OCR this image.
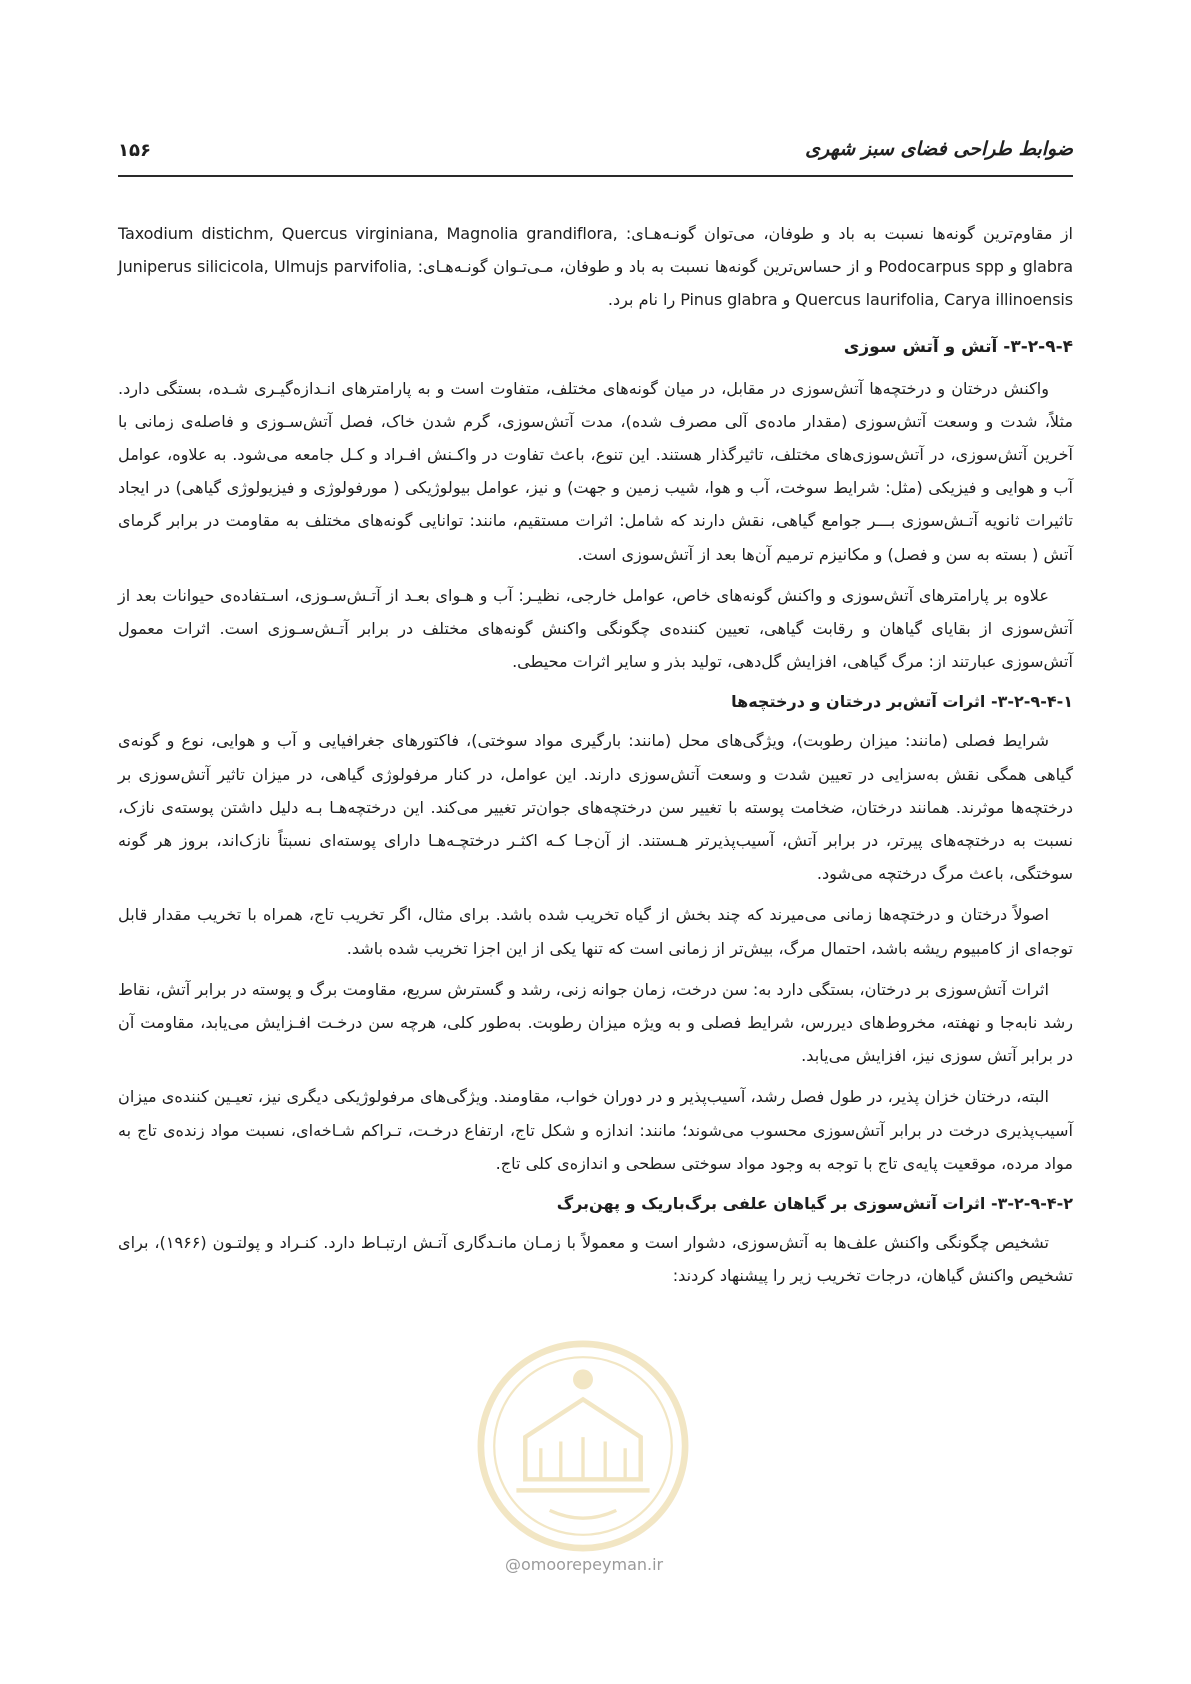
ضوابط طراحی فضای سبز شهری
۱۵۶

از مقاوم‌ترین گونه‌ها نسبت به باد و طوفان، می‌توان گونـه‌هـای: Taxodium distichm, Quercus virginiana, Magnolia grandiflora, glabra و Podocarpus spp و از حساس‌ترین گونه‌ها نسبت به باد و طوفان، مـی‌تـوان گونـه‌هـای: Juniperus silicicola, Ulmujs parvifolia, Quercus laurifolia, Carya illinoensis و Pinus glabra را نام برد.

۳-۲-۹-۴- آتش و آتش سوزی

واکنش درختان و درختچه‌ها آتش‌سوزی در مقابل، در میان گونه‌های مختلف، متفاوت است و به پارامترهای انـدازه‌گیـری شـده، بستگی دارد. مثلاً، شدت و وسعت آتش‌سوزی (مقدار ماده‌ی آلی مصرف شده)، مدت آتش‌سوزی، گرم شدن خاک، فصل آتش‌سـوزی و فاصله‌ی زمانی با آخرین آتش‌سوزی، در آتش‌سوزی‌های مختلف، تاثیرگذار هستند. این تنوع، باعث تفاوت در واکـنش افـراد و کـل جامعه می‌شود. به علاوه، عوامل آب و هوایی و فیزیکی (مثل: شرایط سوخت، آب و هوا، شیب زمین و جهت) و نیز، عوامل بیولوژیکی ( مورفولوژی و فیزیولوژی گیاهی) در ایجاد تاثیرات ثانویه آتـش‌سوزی بـــر جوامع گیاهی، نقش دارند که شامل: اثرات مستقیم، مانند: توانایی گونه‌های مختلف به مقاومت در برابر گرمای آتش ( بسته به سن و فصل) و مکانیزم ترمیم آن‌ها بعد از آتش‌سوزی است.

علاوه بر پارامترهای آتش‌سوزی و واکنش گونه‌های خاص، عوامل خارجی، نظیـر: آب و هـوای بعـد از آتـش‌سـوزی، اسـتفاده‌ی حیوانات بعد از آتش‌سوزی از بقایای گیاهان و رقابت گیاهی، تعیین کننده‌ی چگونگی واکنش گونه‌های مختلف در برابر آتـش‌سـوزی است. اثرات معمول آتش‌سوزی عبارتند از: مرگ گیاهی، افزایش گل‌دهی، تولید بذر و سایر اثرات محیطی.

۳-۲-۹-۴-۱- اثرات آتش‌بر درختان و درختچه‌ها

شرایط فصلی (مانند: میزان رطوبت)، ویژگی‌های محل (مانند: بارگیری مواد سوختی)، فاکتورهای جغرافیایی و آب و هوایی، نوع و گونه‌ی گیاهی همگی نقش به‌سزایی در تعیین شدت و وسعت آتش‌سوزی دارند. این عوامل، در کنار مرفولوژی گیاهی، در میزان تاثیر آتش‌سوزی بر درختچه‌ها موثرند. همانند درختان، ضخامت پوسته با تغییر سن درختچه‌های جوان‌تر تغییر می‌کند. این درختچه‌هـا بـه دلیل داشتن پوسته‌ی نازک، نسبت به درختچه‌های پیرتر، در برابر آتش، آسیب‌پذیرتر هـستند. از آن‌جـا کـه اکثـر درختچـه‌هـا دارای پوسته‌ای نسبتاً نازک‌اند، بروز هر گونه سوختگی، باعث مرگ درختچه می‌شود.

اصولاً درختان و درختچه‌ها زمانی می‌میرند که چند بخش از گیاه تخریب شده باشد. برای مثال، اگر تخریب تاج، همراه با تخریب مقدار قابل توجه‌ای از کامبیوم ریشه باشد، احتمال مرگ، بیش‌تر از زمانی است که تنها یکی از این اجزا تخریب شده باشد.

اثرات آتش‌سوزی بر درختان، بستگی دارد به: سن درخت، زمان جوانه زنی، رشد و گسترش سریع، مقاومت برگ و پوسته در برابر آتش، نقاط رشد نابه‌جا و نهفته، مخروط‌های دیررس، شرایط فصلی و به ویژه میزان رطوبت. به‌طور کلی، هرچه سن درخـت افـزایش می‌یابد، مقاومت آن در برابر آتش سوزی نیز، افزایش می‌یابد.

البته، درختان خزان پذیر، در طول فصل رشد، آسیب‌پذیر و در دوران خواب، مقاومند. ویژگی‌های مرفولوژیکی دیگری نیز، تعیـین کننده‌ی میزان آسیب‌پذیری درخت در برابر آتش‌سوزی محسوب می‌شوند؛ مانند: اندازه و شکل تاج، ارتفاع درخـت، تـراکم شـاخه‌ای، نسبت مواد زنده‌ی تاج به مواد مرده، موقعیت پایه‌ی تاج با توجه به وجود مواد سوختی سطحی و اندازه‌ی کلی تاج.

۳-۲-۹-۴-۲- اثرات آتش‌سوزی بر گیاهان علفی برگ‌باریک و پهن‌برگ

تشخیص چگونگی واکنش علف‌ها به آتش‌سوزی، دشوار است و معمولاً با زمـان مانـدگاری آتـش ارتبـاط دارد. کنـراد و پولتـون (۱۹۶۶)، برای تشخیص واکنش گیاهان، درجات تخریب زیر را پیشنهاد کردند:

@omoorepeyman.ir
